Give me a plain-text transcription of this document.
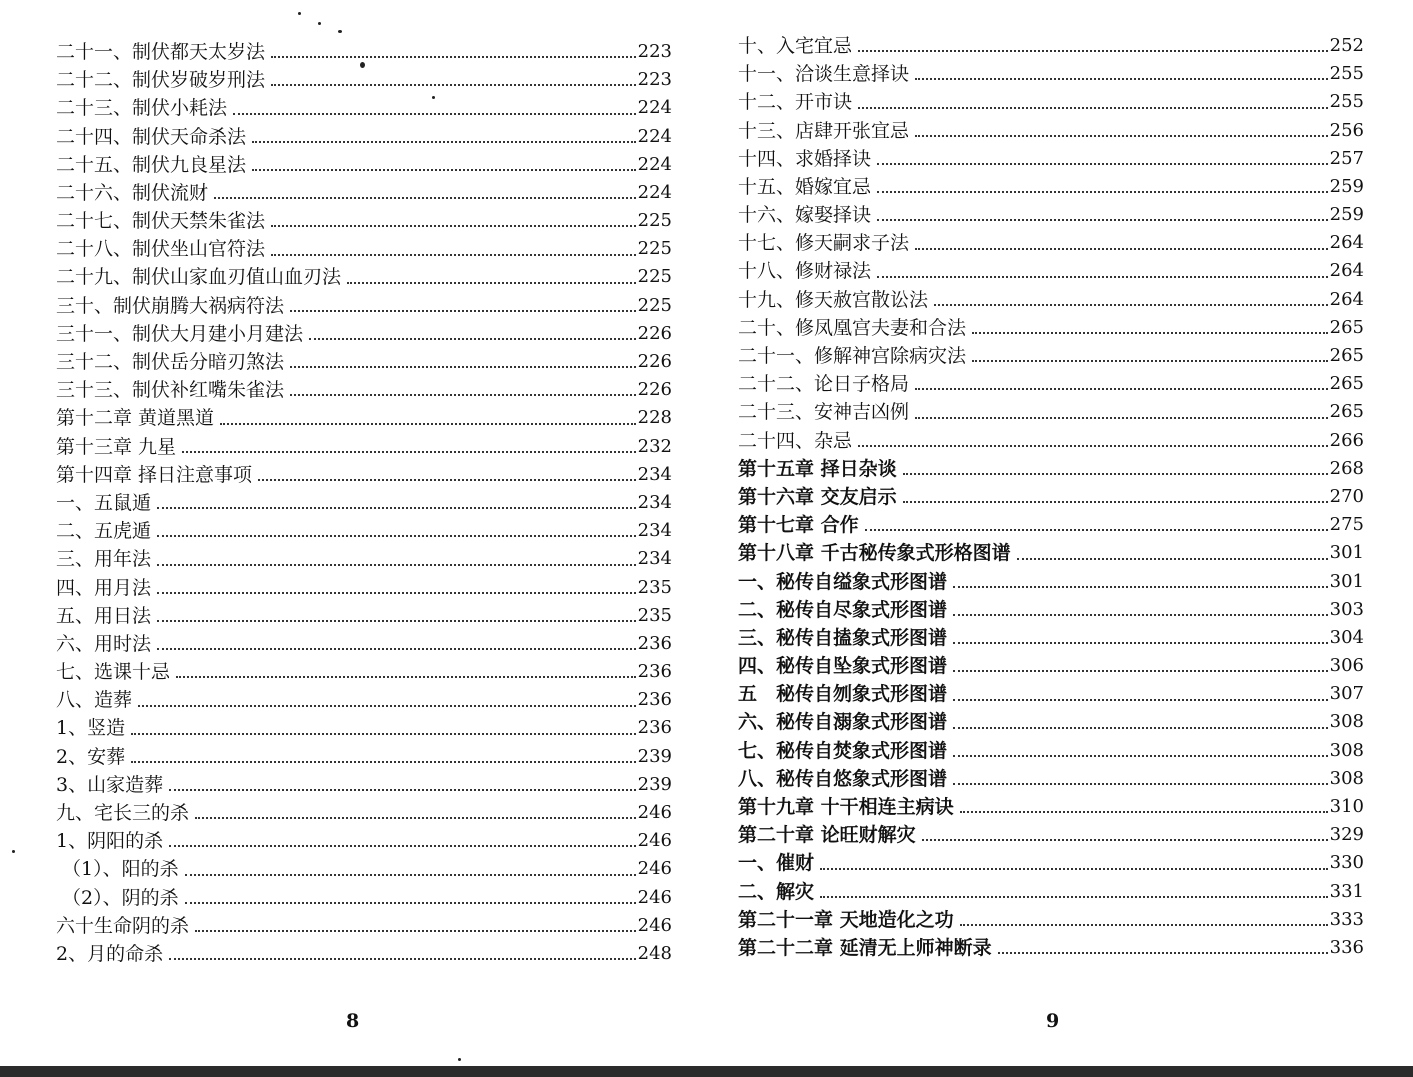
二十一、制伏都天太岁法	223
二十二、制伏岁破岁刑法	223
二十三、制伏小耗法	224
二十四、制伏天命杀法	224
二十五、制伏九良星法	224
二十六、制伏流财	224
二十七、制伏天禁朱雀法	225
二十八、制伏坐山官符法	225
二十九、制伏山家血刃值山血刃法	225
三十、制伏崩腾大祸病符法	225
三十一、制伏大月建小月建法	226
三十二、制伏岳分暗刃煞法	226
三十三、制伏补红嘴朱雀法	226
第十二章 黄道黑道	228
第十三章 九星	232
第十四章 择日注意事项	234
一、五鼠遁	234
二、五虎遁	234
三、用年法	234
四、用月法	235
五、用日法	235
六、用时法	236
七、选课十忌	236
八、造葬	236
1、竖造	236
2、安葬	239
3、山家造葬	239
九、宅长三的杀	246
1、阴阳的杀	246
（1）、阳的杀	246
（2）、阴的杀	246
六十生命阴的杀	246
2、月的命杀	248
8
十、入宅宜忌	252
十一、洽谈生意择诀	255
十二、开市诀	255
十三、店肆开张宜忌	256
十四、求婚择诀	257
十五、婚嫁宜忌	259
十六、嫁娶择诀	259
十七、修天嗣求子法	264
十八、修财禄法	264
十九、修天赦宫散讼法	264
二十、修凤凰宫夫妻和合法	265
二十一、修解神宫除病灾法	265
二十二、论日子格局	265
二十三、安神吉凶例	265
二十四、杂忌	266
第十五章 择日杂谈	268
第十六章 交友启示	270
第十七章 合作	275
第十八章 千古秘传象式形格图谱	301
一、秘传自缢象式形图谱	301
二、秘传自尽象式形图谱	303
三、秘传自搕象式形图谱	304
四、秘传自坠象式形图谱	306
五　秘传自刎象式形图谱	307
六、秘传自溺象式形图谱	308
七、秘传自焚象式形图谱	308
八、秘传自悠象式形图谱	308
第十九章 十干相连主病诀	310
第二十章 论旺财解灾	329
一、催财	330
二、解灾	331
第二十一章 天地造化之功	333
第二十二章 延清无上师神断录	336
9
